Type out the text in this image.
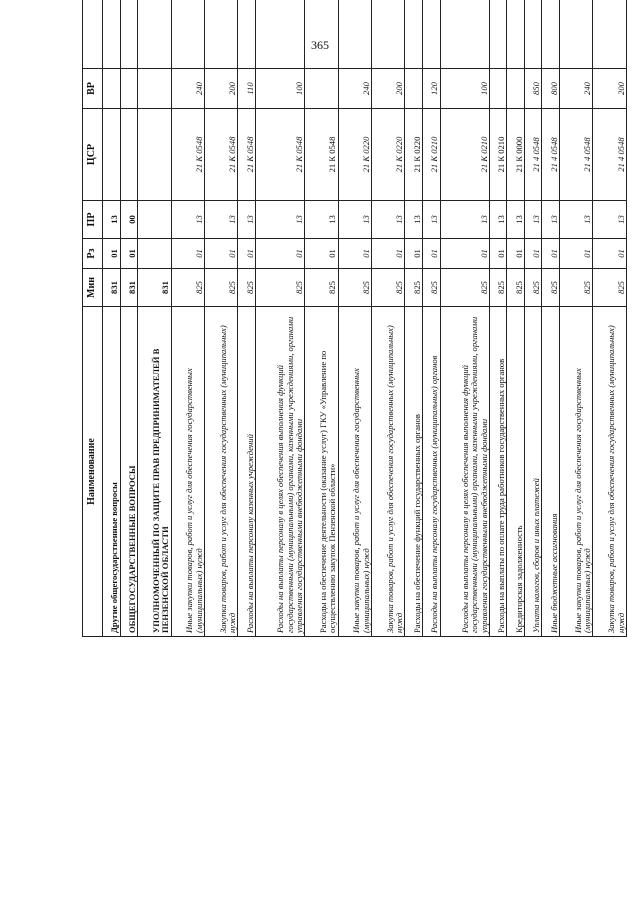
365
Наименование	Мин	Рз	ПР	ЦСР	ВР	
Другие общегосударственные вопросы	831	01	13			
ОБЩЕГОСУДАРСТВЕННЫЕ ВОПРОСЫ	831	01	00			
УПОЛНОМОЧЕННЫЙ ПО ЗАЩИТЕ ПРАВ ПРЕДПРИНИМАТЕЛЕЙ В ПЕНЗЕНСКОЙ ОБЛАСТИ	831					
Иные закупки товаров, работ и услуг для обеспечения государственных (муниципальных) нужд	825	01	13	21 К 0548	240	
Закупка товаров, работ и услуг для обеспечения государственных (муниципальных) нужд	825	01	13	21 К 0548	200	
Расходы на выплаты персоналу казенных учреждений	825	01	13	21 К 0548	110	
Расходы на выплаты персоналу в целях обеспечения выполнения функций государственными (муниципальными) органами, казенными учреждениями, органами управления государственными внебюджетными фондами	825	01	13	21 К 0548	100	
Расходы на обеспечение деятельности (оказание услуг) ГКУ «Управление по осуществлению закупок Пензенской области»	825	01	13	21 К 0548		
Иные закупки товаров, работ и услуг для обеспечения государственных (муниципальных) нужд	825	01	13	21 К 0220	240	
Закупка товаров, работ и услуг для обеспечения государственных (муниципальных) нужд	825	01	13	21 К 0220	200	
Расходы на обеспечение функций государственных органов	825	01	13	21 К 0220		
Расходы на выплаты персоналу государственных (муниципальных) органов	825	01	13	21 К 0210	120	
Расходы на выплаты персоналу в целях обеспечения выполнения функций государственными (муниципальными) органами, казенными учреждениями, органами управления государственными внебюджетными фондами	825	01	13	21 К 0210	100	
Расходы на выплаты по оплате труда работников государственных органов	825	01	13	21 К 0210		
Кредиторская задолженность	825	01	13	21 К 0000		
Уплата налогов, сборов и иных платежей	825	01	13	21 4 0548	850	
Иные бюджетные ассигнования	825	01	13	21 4 0548	800	
Иные закупки товаров, работ и услуг для обеспечения государственных (муниципальных) нужд	825	01	13	21 4 0548	240	
Закупка товаров, работ и услуг для обеспечения государственных (муниципальных) нужд	825	01	13	21 4 0548	200	
